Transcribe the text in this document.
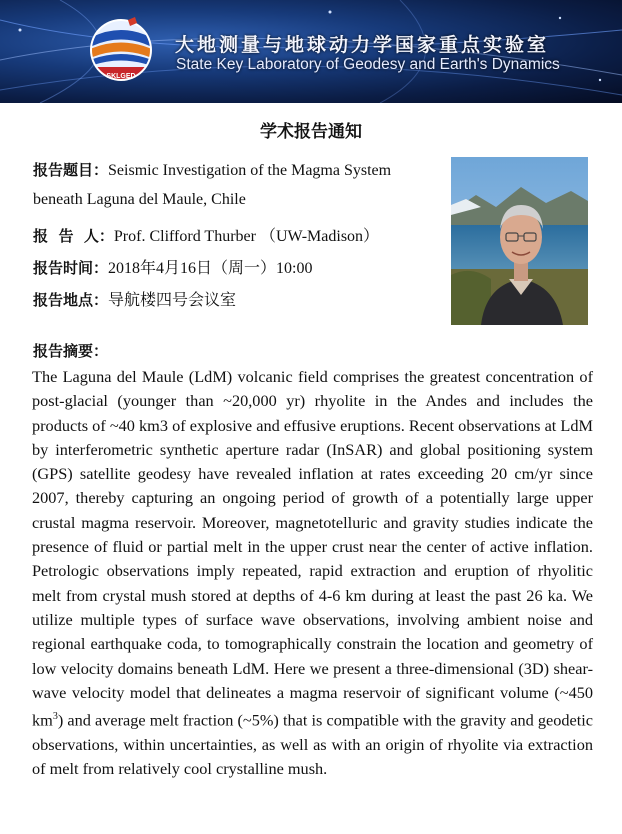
SKLGED
大地测量与地球动力学国家重点实验室
State Key Laboratory of Geodesy and Earth's Dynamics
学术报告通知
报告题目：Seismic Investigation of the Magma System
beneath Laguna del Maule, Chile
报  告  人：Prof. Clifford Thurber （UW-Madison）
报告时间：2018年4月16日（周一）10:00
报告地点：导航楼四号会议室
报告摘要：

The Laguna del Maule (LdM) volcanic field comprises the greatest concentration of post-glacial (younger than ~20,000 yr) rhyolite in the Andes and includes the products of ~40 km3 of explosive and effusive eruptions. Recent observations at LdM by interferometric synthetic aperture radar (InSAR) and global positioning system (GPS) satellite geodesy have revealed inflation at rates exceeding 20 cm/yr since 2007, thereby capturing an ongoing period of growth of a potentially large upper crustal magma reservoir. Moreover, magnetotelluric and gravity studies indicate the presence of fluid or partial melt in the upper crust near the center of active inflation. Petrologic observations imply repeated, rapid extraction and eruption of rhyolitic melt from crystal mush stored at depths of 4-6 km during at least the past 26 ka. We utilize multiple types of surface wave observations, involving ambient noise and regional earthquake coda, to tomographically constrain the location and geometry of low velocity domains beneath LdM. Here we present a three-dimensional (3D) shear-wave velocity model that delineates a magma reservoir of significant volume (~450 $km^3$) and average melt fraction (~5%) that is compatible with the gravity and geodetic observations, within uncertainties, as well as with an origin of rhyolite via extraction of melt from relatively cool crystalline mush.
